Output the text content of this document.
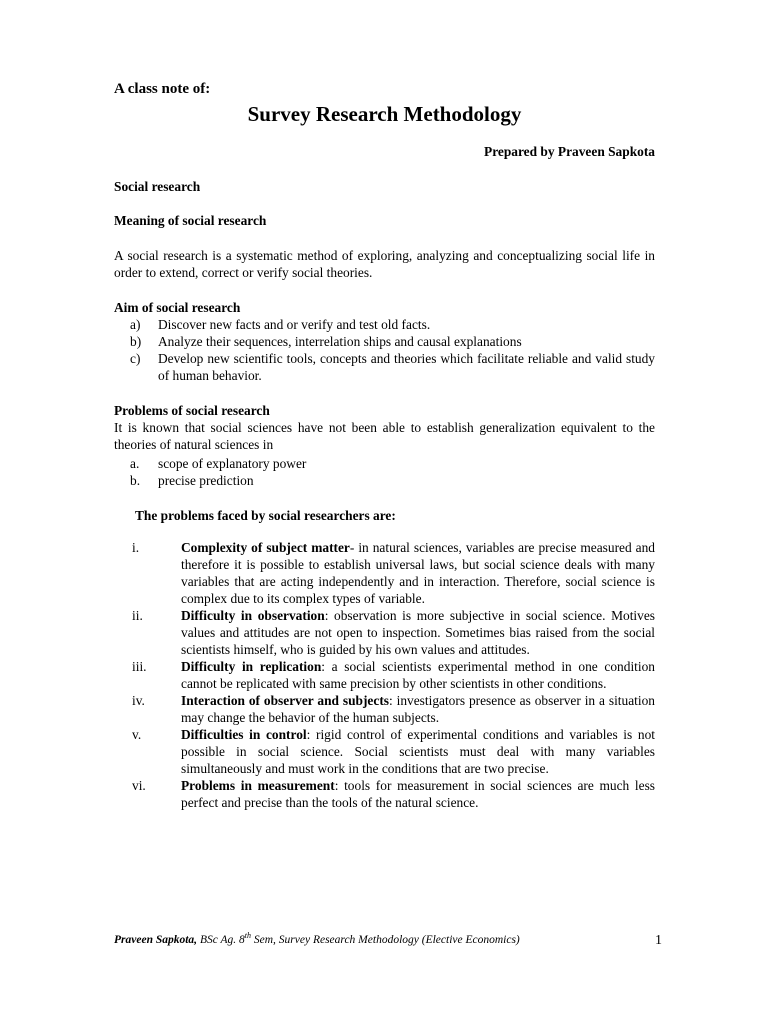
A class note of:
Survey Research Methodology
Prepared by Praveen Sapkota
Social research
Meaning of social research
A social research is a systematic method of exploring, analyzing and conceptualizing social life in order to extend, correct or verify social theories.
Aim of social research
a) Discover new facts and or verify and test old facts.
b) Analyze their sequences, interrelation ships and causal explanations
c) Develop new scientific tools, concepts and theories which facilitate reliable and valid study of human behavior.
Problems of social research
It is known that social sciences have not been able to establish generalization equivalent to the theories of natural sciences in
a. scope of explanatory power
b. precise prediction
The problems faced by social researchers are:
i.	Complexity of subject matter- in natural sciences, variables are precise measured and therefore it is possible to establish universal laws, but social science deals with many variables that are acting independently and in interaction. Therefore, social science is complex due to its complex types of variable.
ii.	Difficulty in observation: observation is more subjective in social science. Motives values and attitudes are not open to inspection. Sometimes bias raised from the social scientists himself, who is guided by his own values and attitudes.
iii.	Difficulty in replication: a social scientists experimental method in one condition cannot be replicated with same precision by other scientists in other conditions.
iv.	Interaction of observer and subjects: investigators presence as observer in a situation may change the behavior of the human subjects.
v.	Difficulties in control: rigid control of experimental conditions and variables is not possible in social science. Social scientists must deal with many variables simultaneously and must work in the conditions that are two precise.
vi.	Problems in measurement: tools for measurement in social sciences are much less perfect and precise than the tools of the natural science.
Praveen Sapkota, BSc Ag. 8th Sem, Survey Research Methodology (Elective Economics)	1
